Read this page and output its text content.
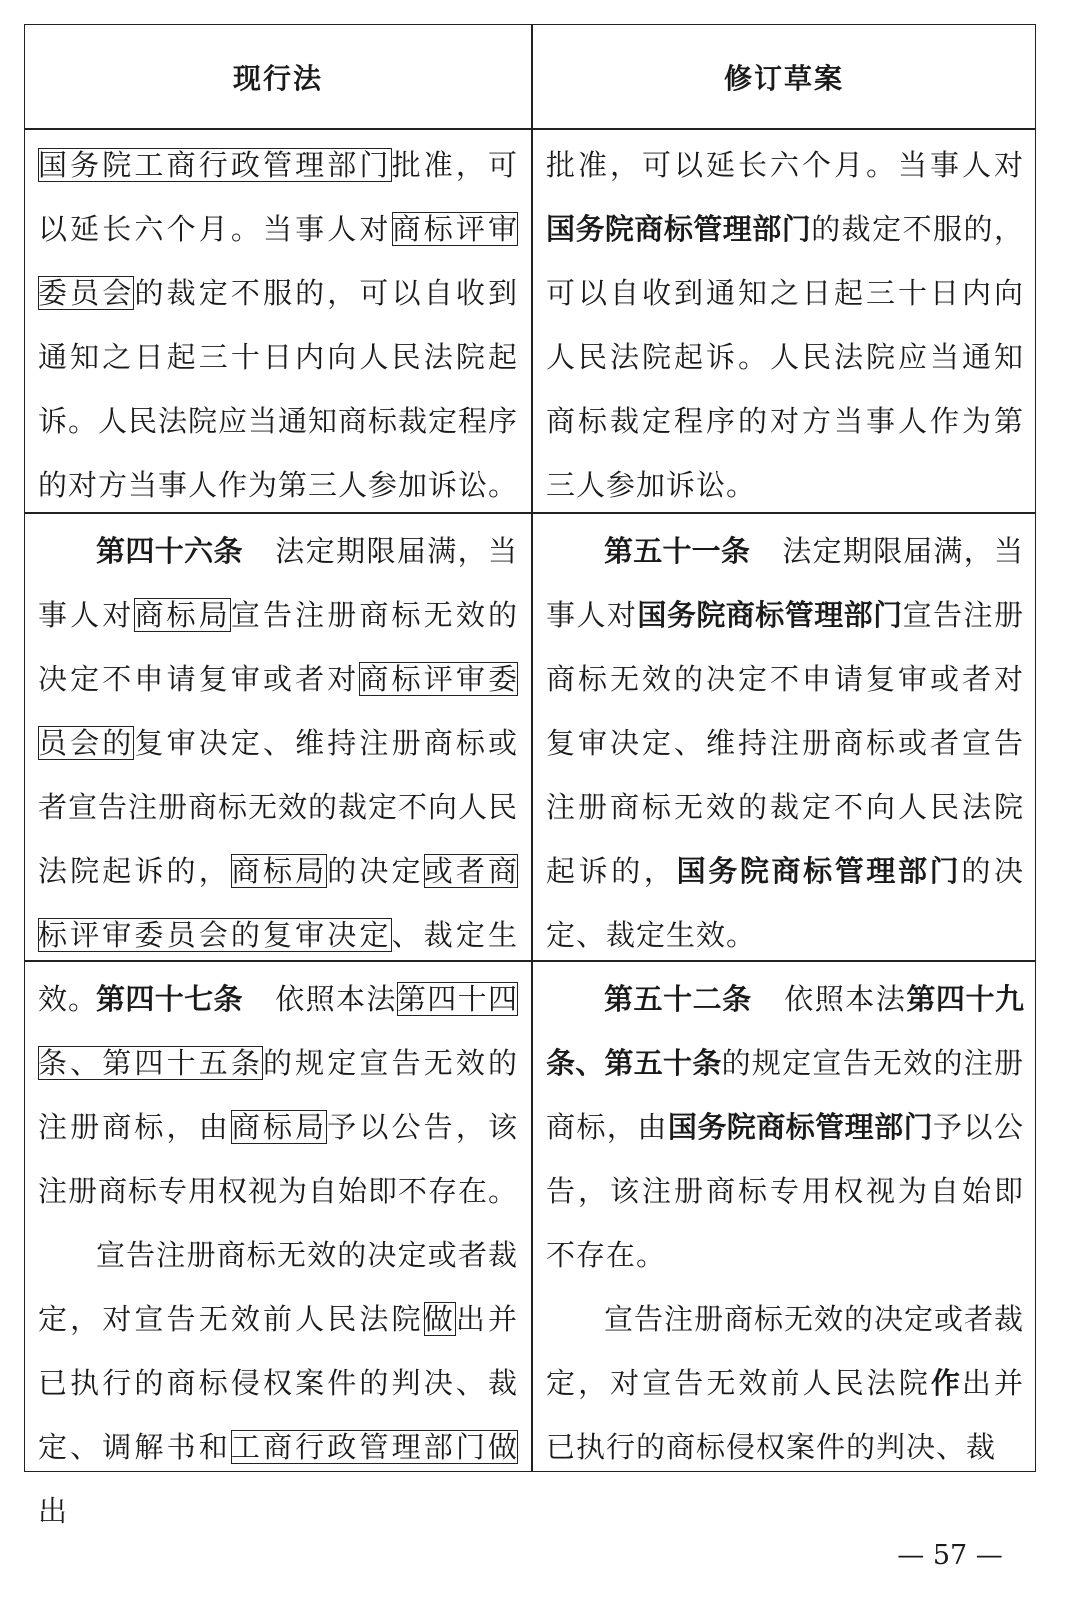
现行法	修订草案

国务院工商行政管理部门批准，可以延长六个月。当事人对商标评审委员会的裁定不服的，可以自收到通知之日起三十日内向人民法院起诉。人民法院应当通知商标裁定程序的对方当事人作为第三人参加诉讼。

批准，可以延长六个月。当事人对国务院商标管理部门的裁定不服的，可以自收到通知之日起三十日内向人民法院起诉。人民法院应当通知商标裁定程序的对方当事人作为第三人参加诉讼。

第四十六条 法定期限届满，当事人对商标局宣告注册商标无效的决定不申请复审或者对商标评审委员会的复审决定、维持注册商标或者宣告注册商标无效的裁定不向人民法院起诉的，商标局的决定或者商标评审委员会的复审决定、裁定生效。

第五十一条 法定期限届满，当事人对国务院商标管理部门宣告注册商标无效的决定不申请复审或者对复审决定、维持注册商标或者宣告注册商标无效的裁定不向人民法院起诉的，国务院商标管理部门的决定、裁定生效。

第四十七条 依照本法第四十四条、第四十五条的规定宣告无效的注册商标，由商标局予以公告，该注册商标专用权视为自始即不存在。

宣告注册商标无效的决定或者裁定，对宣告无效前人民法院做出并已执行的商标侵权案件的判决、裁定、调解书和工商行政管理部门做出

第五十二条 依照本法第四十九条、第五十条的规定宣告无效的注册商标，由国务院商标管理部门予以公告，该注册商标专用权视为自始即不存在。

宣告注册商标无效的决定或者裁定，对宣告无效前人民法院作出并已执行的商标侵权案件的判决、裁

— 57 —
